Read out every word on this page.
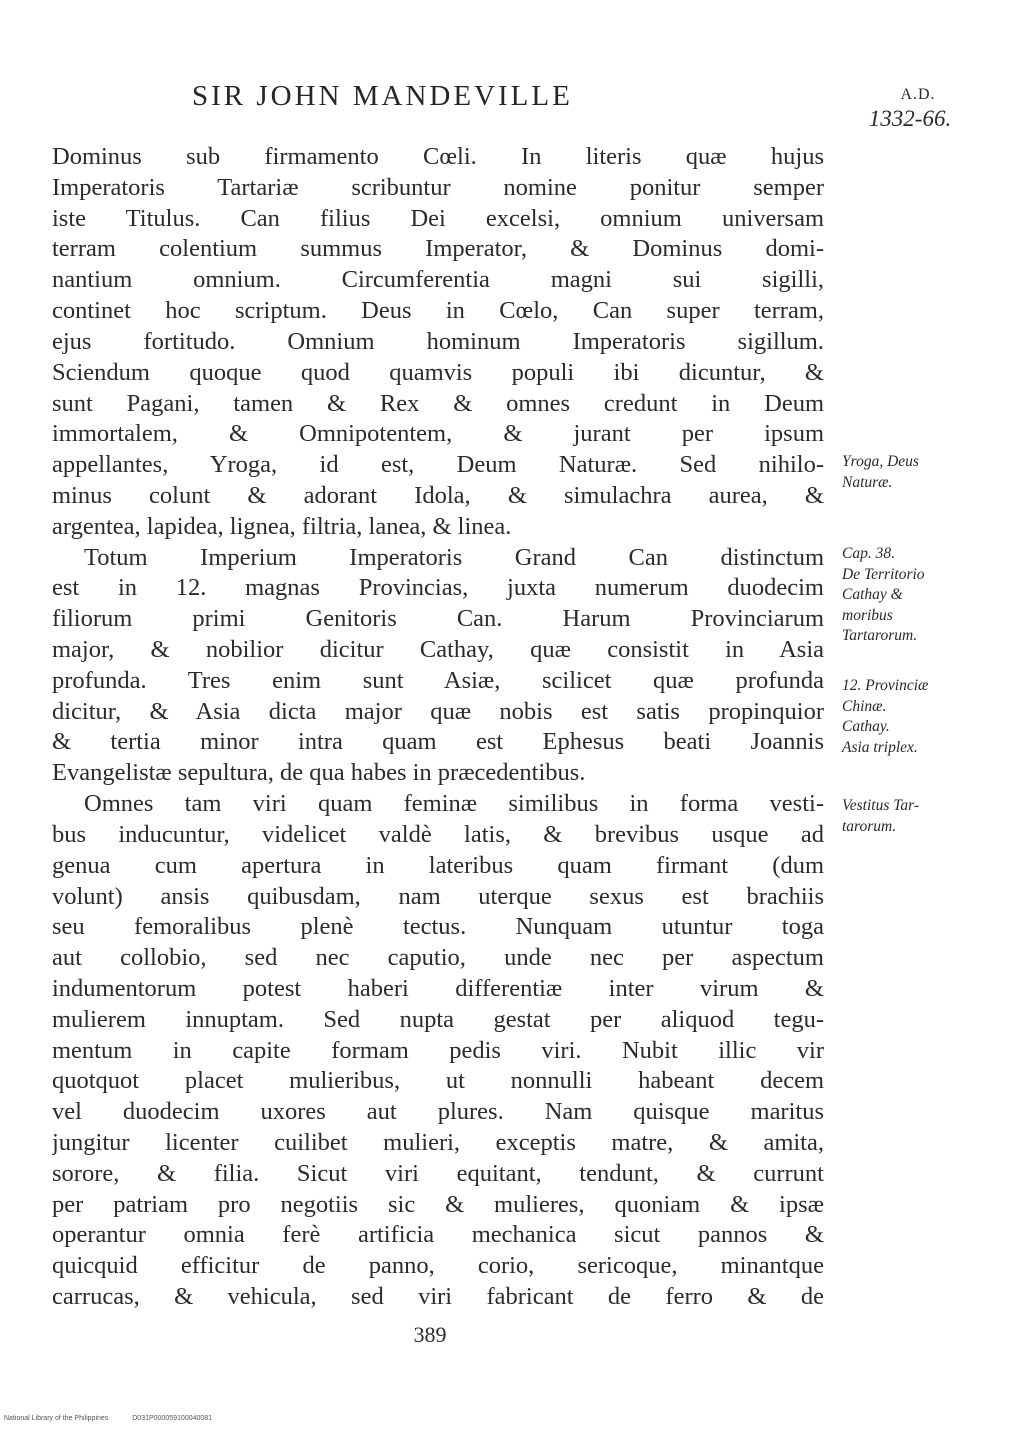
SIR JOHN MANDEVILLE	A.D.
1332-66.
Dominus sub firmamento Cœli. In literis quæ hujus
Imperatoris Tartariæ scribuntur nomine ponitur semper
iste Titulus. Can filius Dei excelsi, omnium universam
terram colentium summus Imperator, & Dominus domi-
nantium omnium. Circumferentia magni sui sigilli,
continet hoc scriptum. Deus in Cœlo, Can super terram,
ejus fortitudo. Omnium hominum Imperatoris sigillum.
Sciendum quoque quod quamvis populi ibi dicuntur, &
sunt Pagani, tamen & Rex & omnes credunt in Deum
immortalem, & Omnipotentem, & jurant per ipsum
appellantes, Yroga, id est, Deum Naturæ. Sed nihilo-
minus colunt & adorant Idola, & simulachra aurea, &
argentea, lapidea, lignea, filtria, lanea, & linea.
Totum Imperium Imperatoris Grand Can distinctum
est in 12. magnas Provincias, juxta numerum duodecim
filiorum primi Genitoris Can. Harum Provinciarum
major, & nobilior dicitur Cathay, quæ consistit in Asia
profunda. Tres enim sunt Asiæ, scilicet quæ profunda
dicitur, & Asia dicta major quæ nobis est satis propinquior
& tertia minor intra quam est Ephesus beati Joannis
Evangelistæ sepultura, de qua habes in præcedentibus.
Omnes tam viri quam feminæ similibus in forma vesti-
bus inducuntur, videlicet valdè latis, & brevibus usque ad
genua cum apertura in lateribus quam firmant (dum
volunt) ansis quibusdam, nam uterque sexus est brachiis
seu femoralibus plenè tectus. Nunquam utuntur toga
aut collobio, sed nec caputio, unde nec per aspectum
indumentorum potest haberi differentiæ inter virum &
mulierem innuptam. Sed nupta gestat per aliquod tegu-
mentum in capite formam pedis viri. Nubit illic vir
quotquot placet mulieribus, ut nonnulli habeant decem
vel duodecim uxores aut plures. Nam quisque maritus
jungitur licenter cuilibet mulieri, exceptis matre, & amita,
sorore, & filia. Sicut viri equitant, tendunt, & currunt
per patriam pro negotiis sic & mulieres, quoniam & ipsæ
operantur omnia ferè artificia mechanica sicut pannos &
quicquid efficitur de panno, corio, sericoque, minantque
carrucas, & vehicula, sed viri fabricant de ferro & de
Yroga, Deus
Naturæ.
Cap. 38.
De Territorio
Cathay &
moribus
Tartarorum.
12. Provinciæ
Chinæ.
Cathay.
Asia triplex.
Vestitus Tar-
tarorum.
389
National Library of the Philippines	D031P000059100040081
